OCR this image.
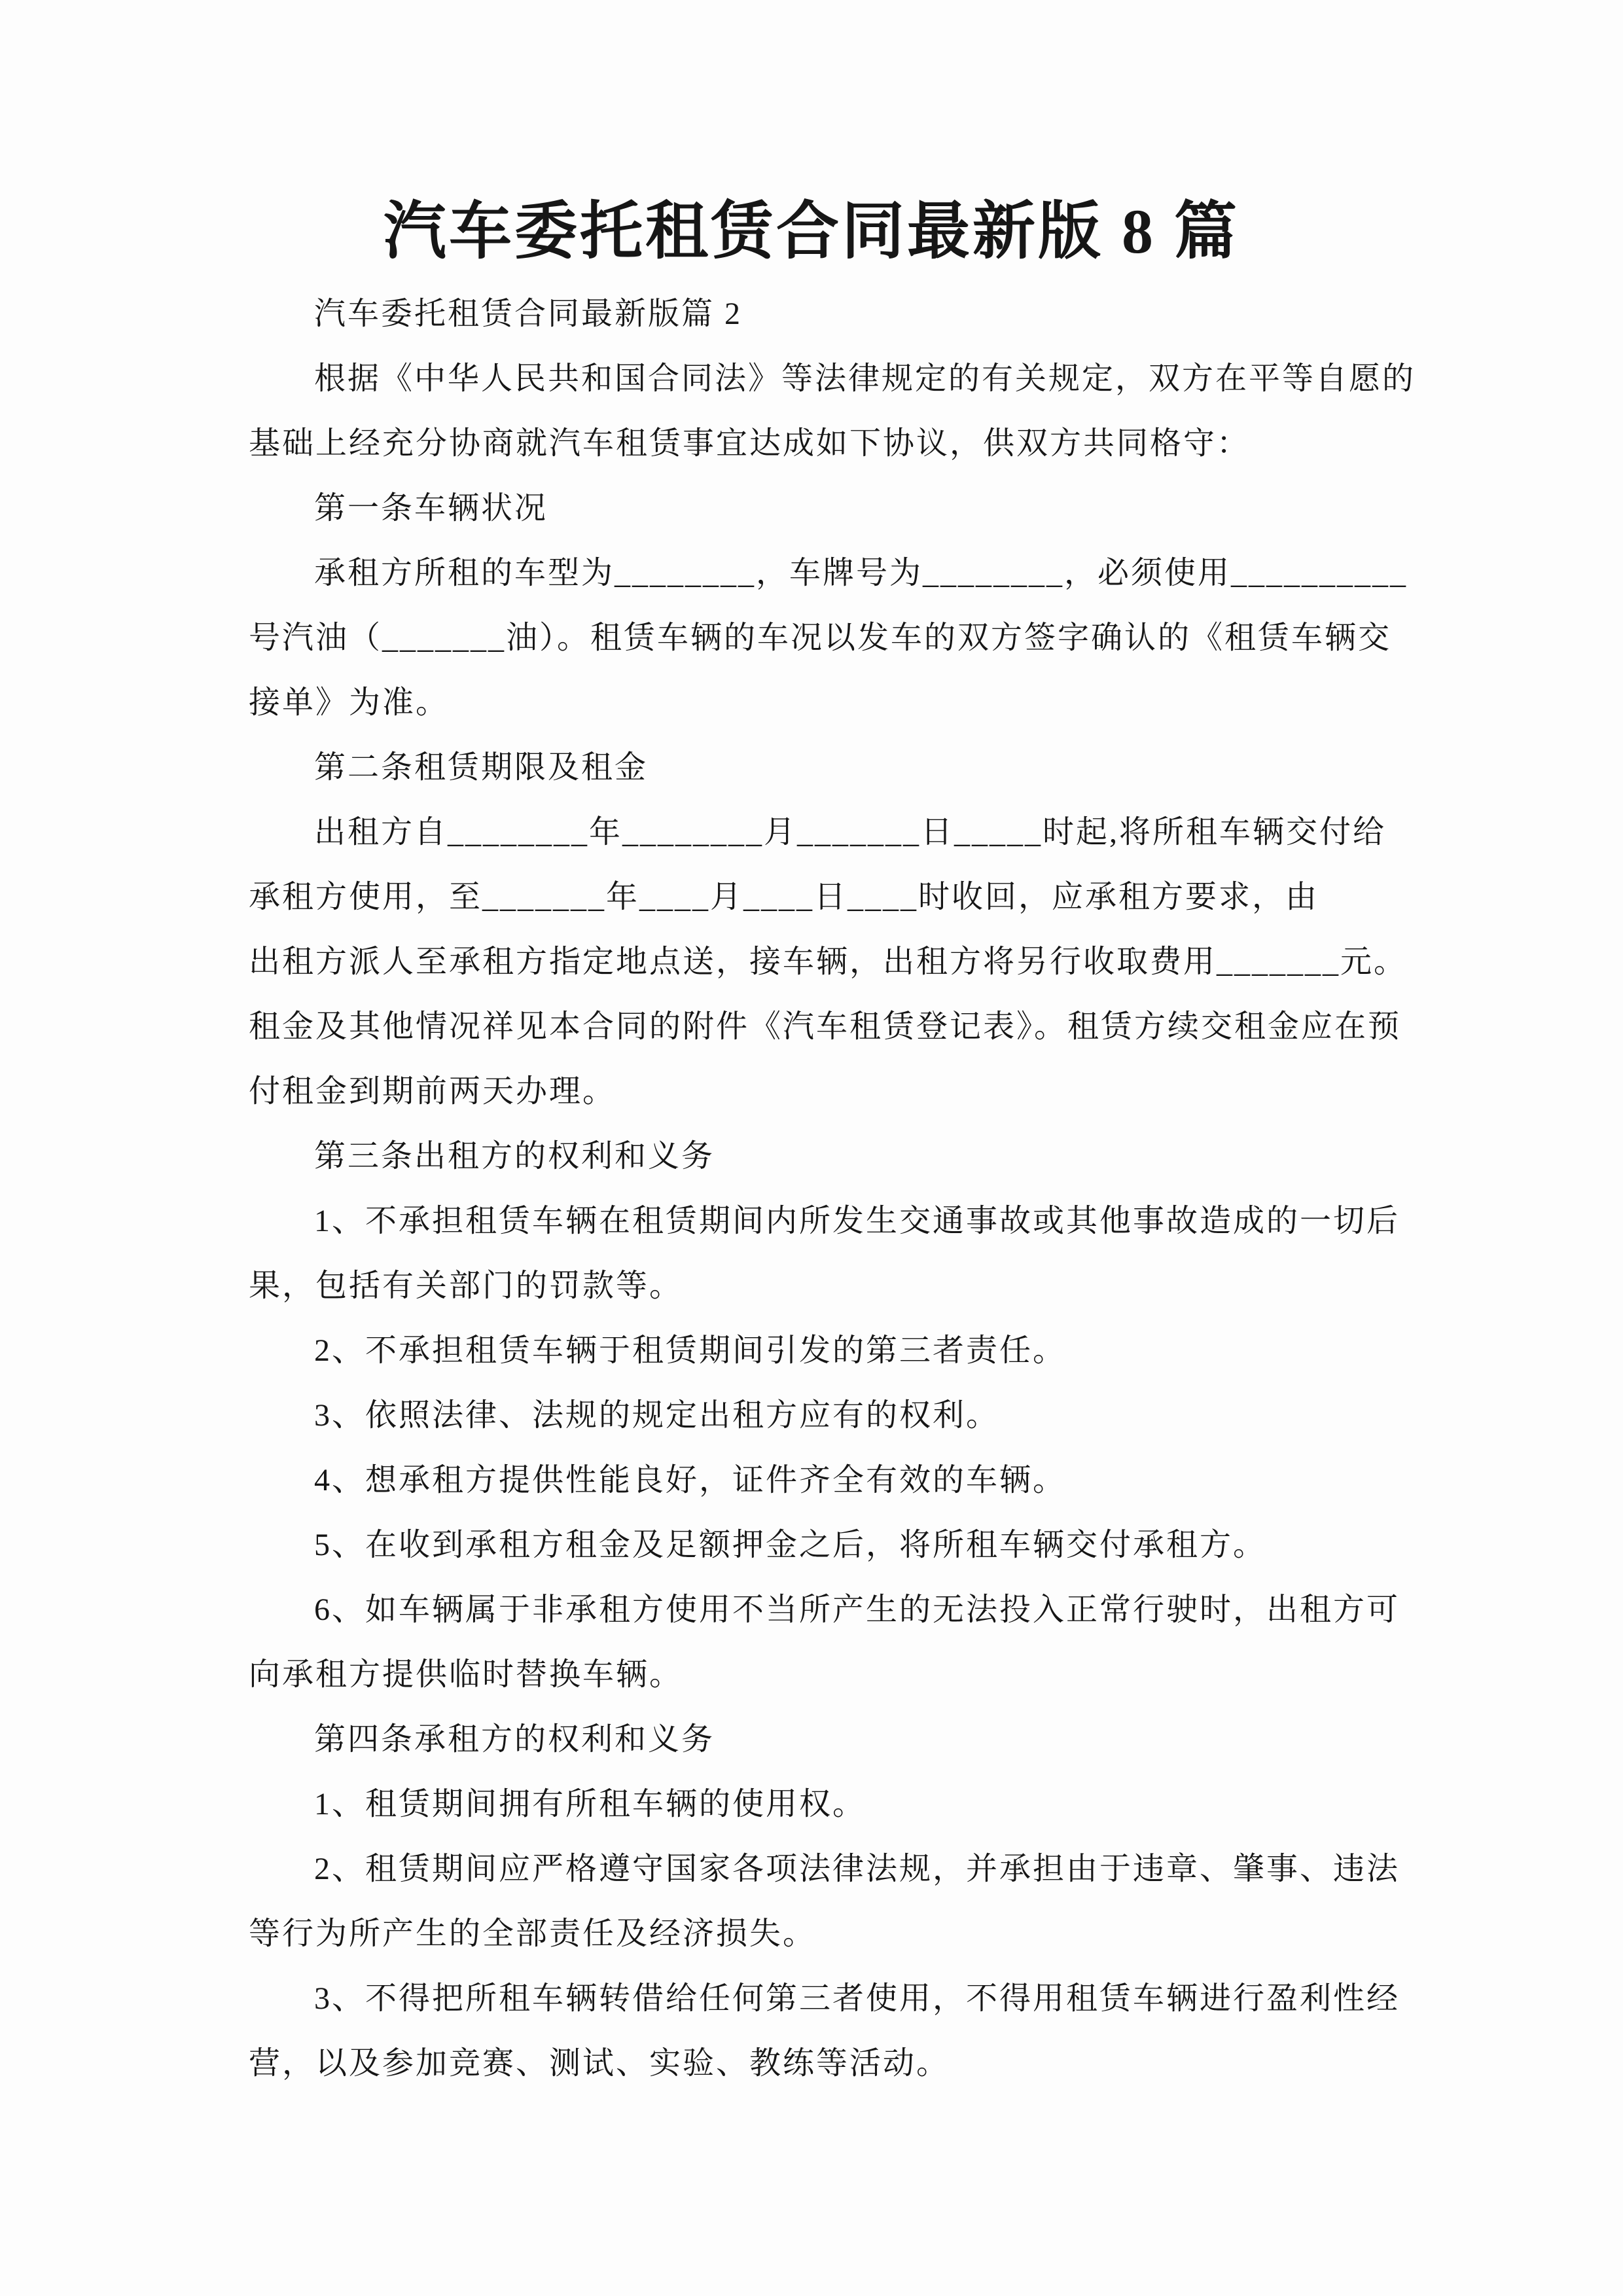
汽车委托租赁合同最新版 8 篇
汽车委托租赁合同最新版篇 2
根据《中华人民共和国合同法》等法律规定的有关规定，双方在平等自愿的
基础上经充分协商就汽车租赁事宜达成如下协议，供双方共同格守：
第一条车辆状况
承租方所租的车型为________，车牌号为________，必须使用__________
号汽油（_______油）。租赁车辆的车况以发车的双方签字确认的《租赁车辆交
接单》为准。
第二条租赁期限及租金
出租方自________年________月_______日_____时起,将所租车辆交付给
承租方使用，至_______年____月____日____时收回，应承租方要求，由
出租方派人至承租方指定地点送，接车辆，出租方将另行收取费用_______元。
租金及其他情况祥见本合同的附件《汽车租赁登记表》。租赁方续交租金应在预
付租金到期前两天办理。
第三条出租方的权利和义务
1、不承担租赁车辆在租赁期间内所发生交通事故或其他事故造成的一切后
果，包括有关部门的罚款等。
2、不承担租赁车辆于租赁期间引发的第三者责任。
3、依照法律、法规的规定出租方应有的权利。
4、想承租方提供性能良好，证件齐全有效的车辆。
5、在收到承租方租金及足额押金之后，将所租车辆交付承租方。
6、如车辆属于非承租方使用不当所产生的无法投入正常行驶时，出租方可
向承租方提供临时替换车辆。
第四条承租方的权利和义务
1、租赁期间拥有所租车辆的使用权。
2、租赁期间应严格遵守国家各项法律法规，并承担由于违章、肇事、违法
等行为所产生的全部责任及经济损失。
3、不得把所租车辆转借给任何第三者使用，不得用租赁车辆进行盈利性经
营，以及参加竞赛、测试、实验、教练等活动。
